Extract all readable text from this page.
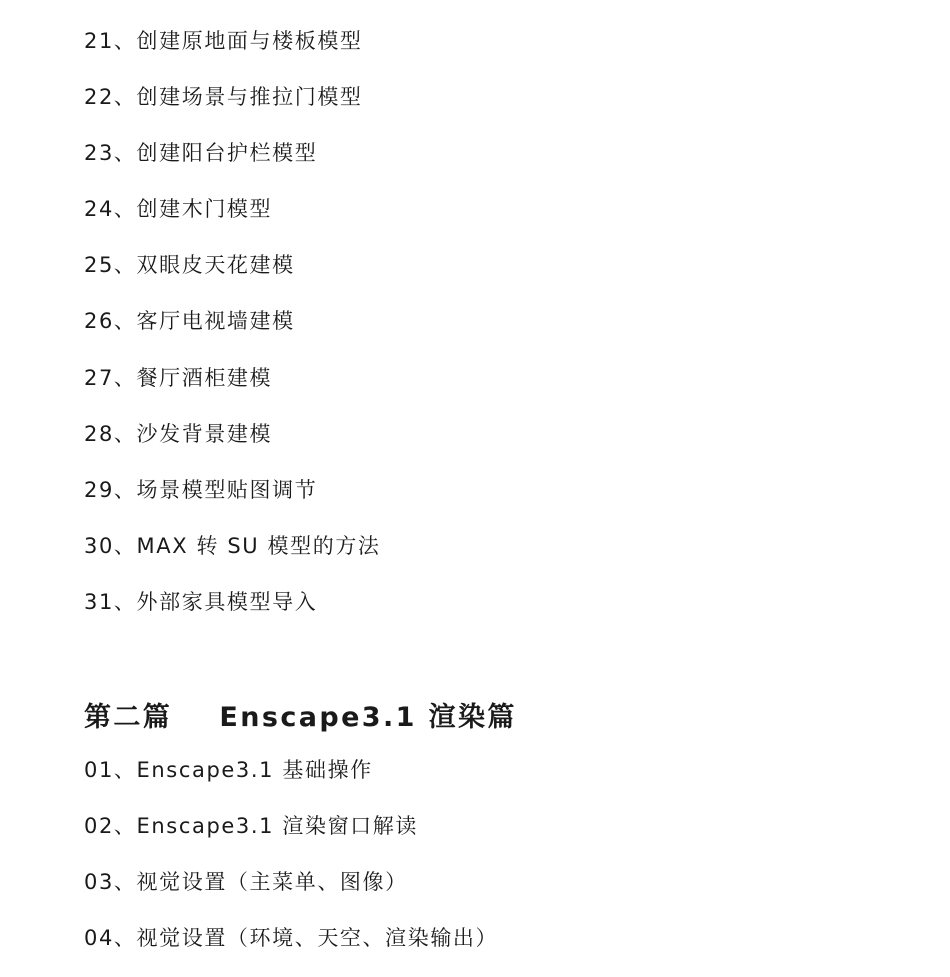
21、创建原地面与楼板模型
22、创建场景与推拉门模型
23、创建阳台护栏模型
24、创建木门模型
25、双眼皮天花建模
26、客厅电视墙建模
27、餐厅酒柜建模
28、沙发背景建模
29、场景模型贴图调节
30、MAX 转 SU 模型的方法
31、外部家具模型导入
第二篇    Enscape3.1 渲染篇
01、Enscape3.1 基础操作
02、Enscape3.1 渲染窗口解读
03、视觉设置（主菜单、图像）
04、视觉设置（环境、天空、渲染输出）
